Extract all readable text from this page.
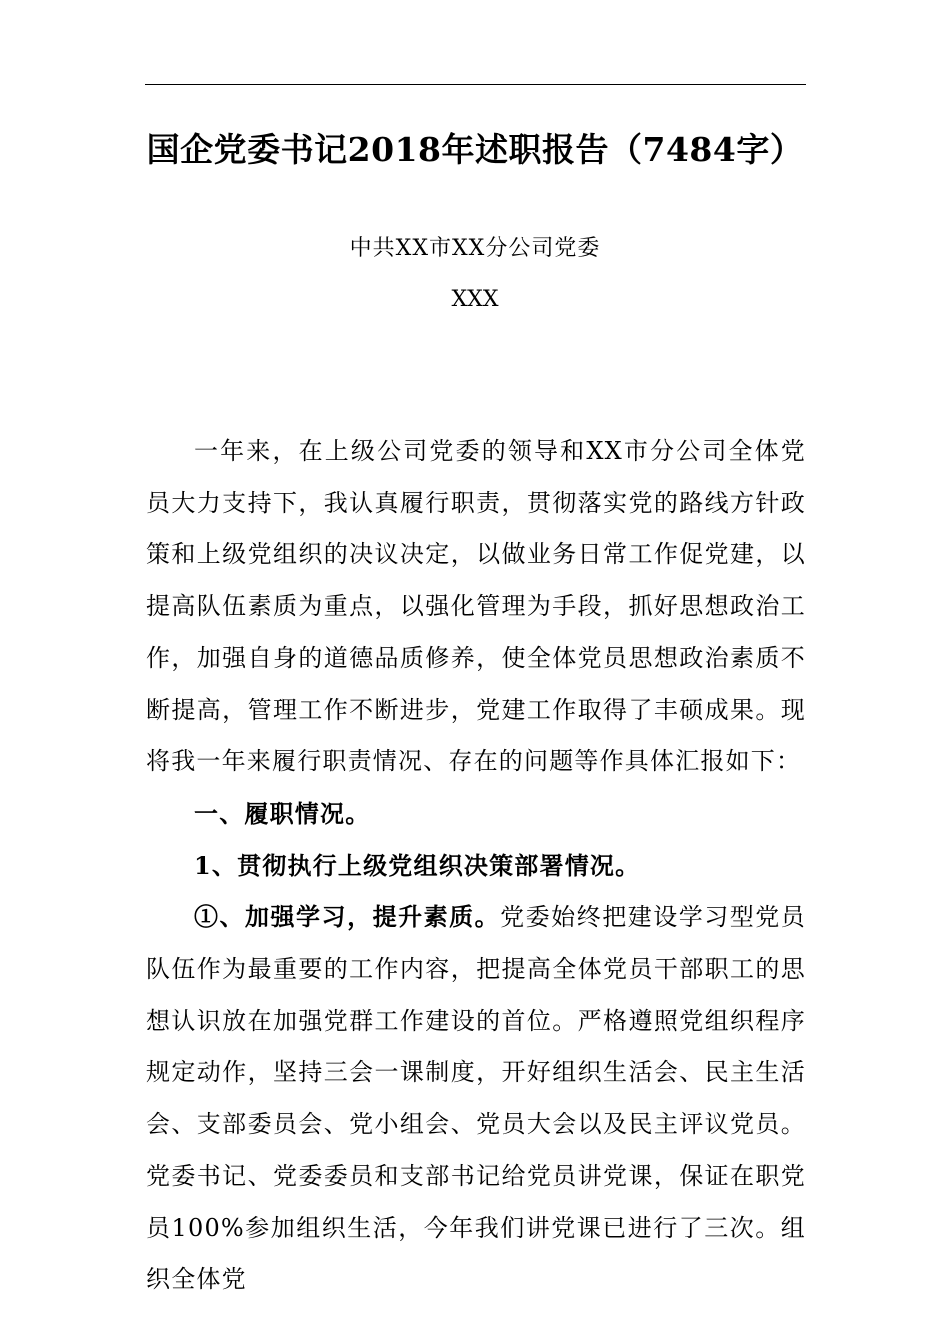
国企党委书记2018年述职报告（7484字）
中共XX市XX分公司党委
XXX

一年来，在上级公司党委的领导和XX市分公司全体党员大力支持下，我认真履行职责，贯彻落实党的路线方针政策和上级党组织的决议决定，以做业务日常工作促党建，以提高队伍素质为重点，以强化管理为手段，抓好思想政治工作，加强自身的道德品质修养，使全体党员思想政治素质不断提高，管理工作不断进步，党建工作取得了丰硕成果。现将我一年来履行职责情况、存在的问题等作具体汇报如下：

一、履职情况。

1、贯彻执行上级党组织决策部署情况。

①、加强学习，提升素质。党委始终把建设学习型党员队伍作为最重要的工作内容，把提高全体党员干部职工的思想认识放在加强党群工作建设的首位。严格遵照党组织程序规定动作，坚持三会一课制度，开好组织生活会、民主生活会、支部委员会、党小组会、党员大会以及民主评议党员。党委书记、党委委员和支部书记给党员讲党课，保证在职党员100%参加组织生活，今年我们讲党课已进行了三次。组织全体党
